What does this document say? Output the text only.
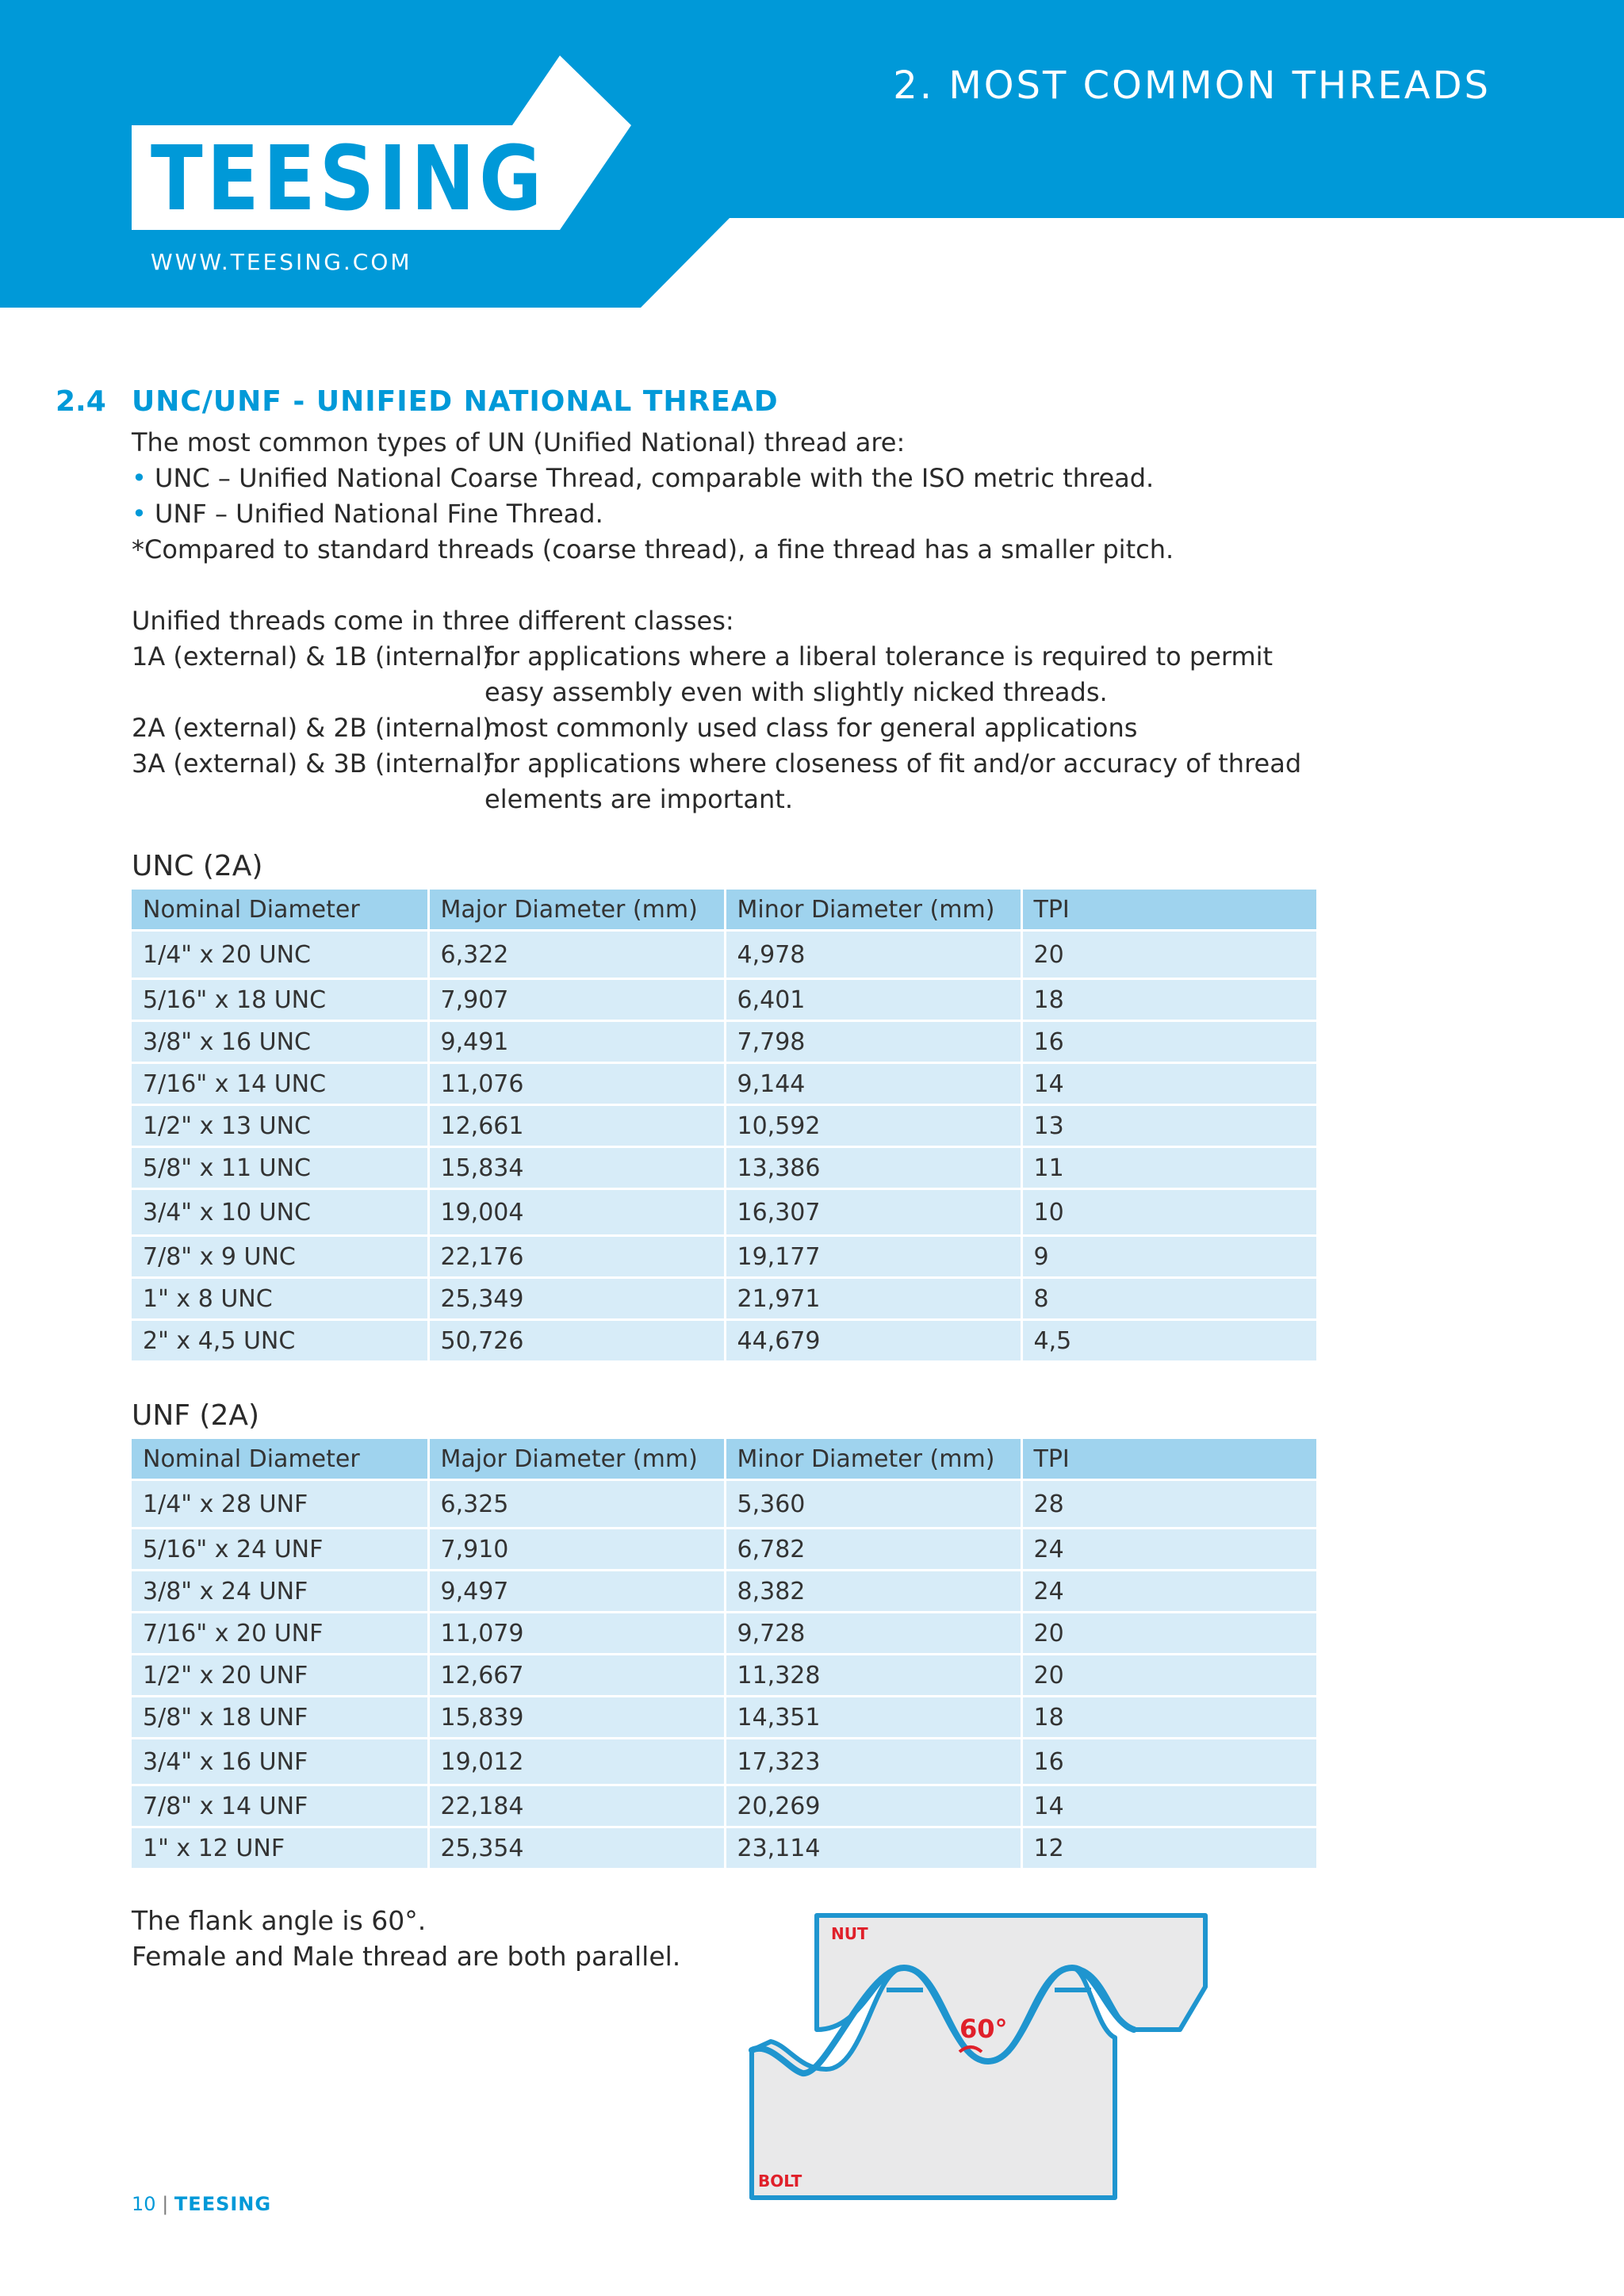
TEESING
WWW.TEESING.COM
2. MOST COMMON THREADS
2.4 UNC/UNF - UNIFIED NATIONAL THREAD

The most common types of UN (Unified National) thread are:

• UNC – Unified National Coarse Thread, comparable with the ISO metric thread.

• UNF – Unified National Fine Thread.

*Compared to standard threads (coarse thread), a fine thread has a smaller pitch.

Unified threads come in three different classes:

1A (external) & 1B (internal):
for applications where a liberal tolerance is required to permit easy assembly even with slightly nicked threads.
2A (external) & 2B (internal):
most commonly used class for general applications
3A (external) & 3B (internal):
for applications where closeness of fit and/or accuracy of thread elements are important.
UNC (2A)
Nominal Diameter	Major Diameter (mm)	Minor Diameter (mm)	TPI
1/4" x 20 UNC	6,322	4,978	20
5/16" x 18 UNC	7,907	6,401	18
3/8" x 16 UNC	9,491	7,798	16
7/16" x 14 UNC	11,076	9,144	14
1/2" x 13 UNC	12,661	10,592	13
5/8" x 11 UNC	15,834	13,386	11
3/4" x 10 UNC	19,004	16,307	10
7/8" x 9 UNC	22,176	19,177	9
1" x 8 UNC	25,349	21,971	8
2" x 4,5 UNC	50,726	44,679	4,5
UNF (2A)
Nominal Diameter	Major Diameter (mm)	Minor Diameter (mm)	TPI
1/4" x 28 UNF	6,325	5,360	28
5/16" x 24 UNF	7,910	6,782	24
3/8" x 24 UNF	9,497	8,382	24
7/16" x 20 UNF	11,079	9,728	20
1/2" x 20 UNF	12,667	11,328	20
5/8" x 18 UNF	15,839	14,351	18
3/4" x 16 UNF	19,012	17,323	16
7/8" x 14 UNF	22,184	20,269	14
1" x 12 UNF	25,354	23,114	12

The flank angle is 60°.

Female and Male thread are both parallel.

NUT
BOLT
60°
10 | TEESING
